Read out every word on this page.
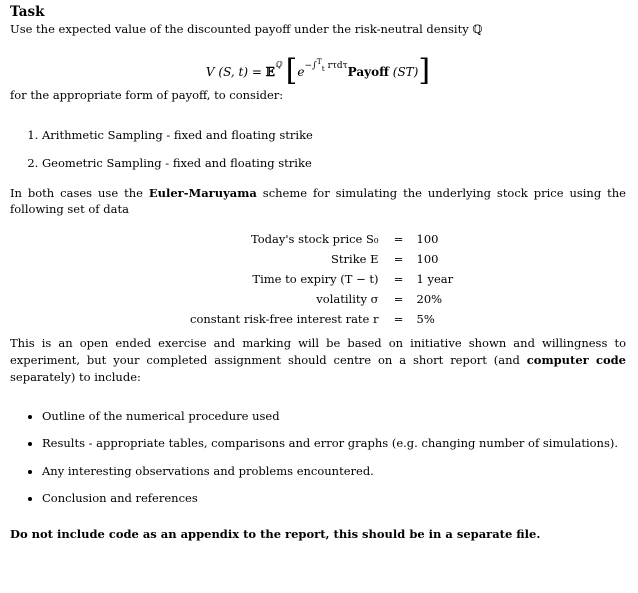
Task

Use the expected value of the discounted payoff under the risk-neutral density ℚ

V (S, t) = 𝔼$^ℚ$ [$e^{-\int^T_t r\tau d\tau}Payoff$ (ST)]

for the appropriate form of payoff, to consider:

1. Arithmetic Sampling - fixed and floating strike
2. Geometric Sampling - fixed and floating strike

In both cases use the Euler-Maruyama scheme for simulating the underlying stock price using the following set of data

Today's stock price S₀	=	100
Strike E	=	100
Time to expiry (T − t)	=	1 year
volatility σ	=	20%
constant risk-free interest rate r	=	5%

This is an open ended exercise and marking will be based on initiative shown and willingness to experiment, but your completed assignment should centre on a short report (and computer code separately) to include:

• Outline of the numerical procedure used
• Results - appropriate tables, comparisons and error graphs (e.g. changing number of simulations).
• Any interesting observations and problems encountered.
• Conclusion and references

Do not include code as an appendix to the report, this should be in a separate file.
